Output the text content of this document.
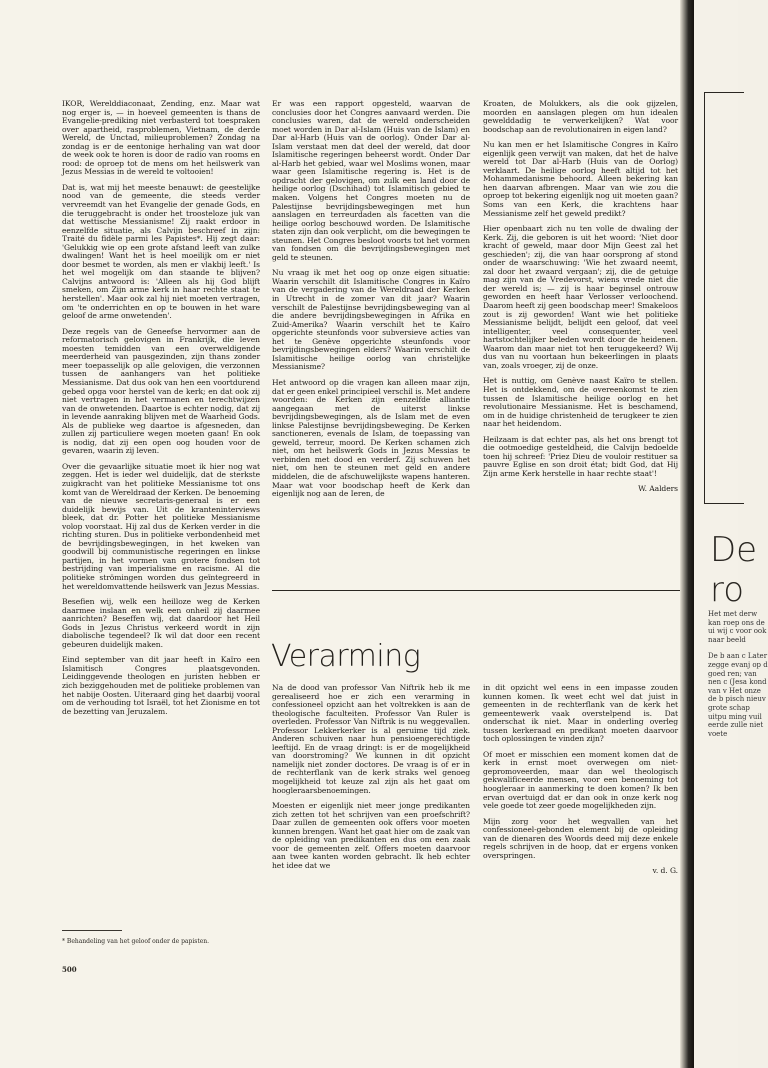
IKOR, Werelddiaconaat, Zending, enz. Maar wat nog erger is, — in hoeveel gemeenten is thans de Evangelie-prediking niet verbasterd tot toespraken over apartheid, rasproblemen, Vietnam, de derde Wereld, de Unctad, milieuproblemen? Zondag na zondag is er de eentonige herhaling van wat door de week ook te horen is door de radio van rooms en rood: de oproep tot de mens om het heilswerk van Jezus Messias in de wereld te voltooien!

Dat is, wat mij het meeste benauwt: de geestelijke nood van de gemeente, die steeds verder vervreemdt van het Evangelie der genade Gods, en die teruggebracht is onder het troosteloze juk van dat wettische Messianisme! Zij raakt erdoor in eenzelfde situatie, als Calvijn beschreef in zijn: Traité du fidèle parmi les Papistes*. Hij zegt daar: 'Gelukkig wie op een grote afstand leeft van zulke dwalingen! Want het is heel moeilijk om er niet door besmet te worden, als men er vlakbij leeft.' Is het wel mogelijk om dan staande te blijven? Calvijns antwoord is: 'Alleen als hij God blijft smeken, om Zijn arme kerk in haar rechte staat te herstellen'. Maar ook zal hij niet moeten vertragen, om 'te onderrichten en op te bouwen in het ware geloof de arme onwetenden'.

Deze regels van de Geneefse hervormer aan de reformatorisch gelovigen in Frankrijk, die leven moesten temidden van een overweldigende meerderheid van pausgezinden, zijn thans zonder meer toepasselijk op alle gelovigen, die verzonnen tussen de aanhangers van het politieke Messianisme. Dat dus ook van hen een voortdurend gebed opga voor herstel van de kerk; en dat ook zij niet vertragen in het vermanen en terechtwijzen van de onwetenden. Daartoe is echter nodig, dat zij in levende aanraking blijven met de Waarheid Gods. Als de publieke weg daartoe is afgesneden, dan zullen zij particuliere wegen moeten gaan! En ook is nodig, dat zij een open oog houden voor de gevaren, waarin zij leven.

Over die gevaarlijke situatie moet ik hier nog wat zeggen. Het is ieder wel duidelijk, dat de sterkste zuigkracht van het politieke Messianisme tot ons komt van de Wereldraad der Kerken. De benoeming van de nieuwe secretaris-generaal is er een duidelijk bewijs van. Uit de kranteninterviews bleek, dat dr. Potter het politieke Messianisme volop voorstaat. Hij zal dus de Kerken verder in die richting sturen. Dus in politieke verbondenheid met de bevrijdingsbewegingen, in het kweken van goodwill bij communistische regeringen en linkse partijen, in het vormen van grotere fondsen tot bestrijding van imperialisme en racisme. Al die politieke strömingen worden dus geïntegreerd in het wereldomvattende heilswerk van Jezus Messias.

Besefien wij, welk een heilloze weg de Kerken daarmee inslaan en welk een onheil zij daarmee aanrichten? Beseffen wij, dat daardoor het Heil Gods in Jezus Christus verkeerd wordt in zijn diabolische tegendeel? Ik wil dat door een recent gebeuren duidelijk maken.

Eind september van dit jaar heeft in Kaïro een Islamitisch Congres plaatsgevonden. Leidinggevende theologen en juristen hebben er zich beziggehouden met de politieke problemen van het nabije Oosten. Uiteraard ging het daarbij vooral om de verhouding tot Israël, tot het Zionisme en tot de bezetting van Jeruzalem.

Er was een rapport opgesteld, waarvan de conclusies door het Congres aanvaard werden. Die conclusies waren, dat de wereld onderscheiden moet worden in Dar al-Islam (Huis van de Islam) en Dar al-Harb (Huis van de oorlog). Onder Dar al-Islam verstaat men dat deel der wereld, dat door Islamitische regeringen beheerst wordt. Onder Dar al-Harb het gebied, waar wel Moslims wonen, maar waar geen Islamitische regering is. Het is de opdracht der gelovigen, om zulk een land door de heilige oorlog (Dschihad) tot Islamitisch gebied te maken. Volgens het Congres moeten nu de Palestijnse bevrijdingsbewegingen met hun aanslagen en terreurdaden als facetten van die heilige oorlog beschouwd worden. De Islamitische staten zijn dan ook verplicht, om die bewegingen te steunen. Het Congres besloot voorts tot het vormen van fondsen om die bevrijdingsbewegingen met geld te steunen.

Nu vraag ik met het oog op onze eigen situatie: Waarin verschilt dit Islamitische Congres in Kaïro van de vergadering van de Wereldraad der Kerken in Utrecht in de zomer van dit jaar? Waarin verschilt de Palestijnse bevrijdingsbeweging van al die andere bevrijdingsbewegingen in Afrika en Zuid-Amerika? Waarin verschilt het te Kaïro opgerichte steunfonds voor subversieve acties van het te Genève opgerichte steunfonds voor bevrijdingsbewegingen elders? Waarin verschilt de Islamitische heilige oorlog van christelijke Messianisme?

Het antwoord op die vragen kan alleen maar zijn, dat er geen enkel principieel verschil is. Met andere woorden: de Kerken zijn eenzelfde alliantie aangegaan met de uiterst linkse bevrijdingsbewegingen, als de Islam met de even linkse Palestijnse bevrijdingsbeweging. De Kerken sanctioneren, evenals de Islam, de toepassing van geweld, terreur, moord. De Kerken schamen zich niet, om het heilswerk Gods in Jezus Messias te verbinden met dood en verderf. Zij schuwen het niet, om hen te steunen met geld en andere middelen, die de afschuwelijkste wapens hanteren. Maar wat voor boodschap heeft de Kerk dan eigenlijk nog aan de Ieren, de

Kroaten, de Molukkers, als die ook gijzelen, moorden en aanslagen plegen om hun idealen gewelddadig te verwerkelijken? Wat voor boodschap aan de revolutionairen in eigen land?

Nu kan men er het Islamitische Congres in Kaïro eigenlijk geen verwijt van maken, dat het de halve wereld tot Dar al-Harb (Huis van de Oorlog) verklaart. De heilige oorlog heeft altijd tot het Mohammedanisme behoord. Alleen bekering kan hen daarvan afbrengen. Maar van wie zou die oproep tot bekering eigenlijk nog uit moeten gaan? Soms van een Kerk, die krachtens haar Messianisme zelf het geweld predikt?

Hier openbaart zich nu ten volle de dwaling der Kerk. Zij, die geboren is uit het woord: 'Niet door kracht of geweld, maar door Mijn Geest zal het geschieden'; zij, die van haar oorsprong af stond onder de waarschuwing: 'Wie het zwaard neemt, zal door het zwaard vergaan'; zij, die de getuige mag zijn van de Vredevorst, wiens vrede niet die der wereld is; — zij is haar beginsel ontrouw geworden en heeft haar Verlosser verloochend. Daarom heeft zij geen boodschap meer! Smakeloos zout is zij geworden! Want wie het politieke Messianisme belijdt, belijdt een geloof, dat veel intelligenter, veel consequenter, veel hartstochtelijker beleden wordt door de heidenen. Waarom dan maar niet tot hen teruggekeerd? Wij dus van nu voortaan hun bekeerlingen in plaats van, zoals vroeger, zij de onze.

Het is nuttig, om Genève naast Kaïro te stellen. Het is ontdekkend, om de overeenkomst te zien tussen de Islamitische heilige oorlog en het revolutionaire Messianisme. Het is beschamend, om in de huidige christenheid de terugkeer te zien naar het heidendom.

Heilzaam is dat echter pas, als het ons brengt tot die ootmoedige gesteldheid, die Calvijn bedoelde toen hij schreef: 'Priez Dieu de vouloir restituer sa pauvre Eglise en son droit état; bidt God, dat Hij Zijn arme Kerk herstelle in haar rechte staat'!

W. Aalders
Verarming

Na de dood van professor Van Niftrik heb ik me gerealiseerd hoe er zich een verarming in confessioneel opzicht aan het voltrekken is aan de theologische faculteiten. Professor Van Ruler is overleden. Professor Van Niftrik is nu weggevallen. Professor Lekkerkerker is al geruime tijd ziek. Anderen schuiven naar hun pensioengerechtigde leeftijd. En de vraag dringt: is er de mogelijkheid van doorstroming? We kunnen in dit opzicht namelijk niet zonder doctores. De vraag is of er in de rechterflank van de kerk straks wel genoeg mogelijkheid tot keuze zal zijn als het gaat om hoogleraarsbenoemingen.

Moesten er eigenlijk niet meer jonge predikanten zich zetten tot het schrijven van een proefschrift? Daar zullen de gemeenten ook offers voor moeten kunnen brengen. Want het gaat hier om de zaak van de opleiding van predikanten en dus om een zaak voor de gemeenten zelf. Offers moeten daarvoor aan twee kanten worden gebracht. Ik heb echter het idee dat we

in dit opzicht wel eens in een impasse zouden kunnen komen. Ik weet echt wel dat juist in gemeenten in de rechterflank van de kerk het gemeentewerk vaak overstelpend is. Dat onderschat ik niet. Maar in onderling overleg tussen kerkeraad en predikant moeten daarvoor toch oplossingen te vinden zijn?

Of moet er misschien een moment komen dat de kerk in ernst moet overwegen om niet-gepromoveerden, maar dan wel theologisch gekwalificeerde mensen, voor een benoeming tot hoogleraar in aanmerking te doen komen? Ik ben ervan overtuigd dat er dan ook in onze kerk nog vele goede tot zeer goede mogelijkheden zijn.

Mijn zorg voor het wegvallen van het confessioneel-gebonden element bij de opleiding van de dienaren des Woords deed mij deze enkele regels schrijven in de hoop, dat er ergens vonken overspringen.

v. d. G.
* Behandeling van het geloof onder de papisten.
500
De
ro

Het met derw kan roep ons de ui wij c voor ook naar beeld

De b aan c Later zegge evanj op d goed ren; van nen c (Jesa kond van v Het onze de b pisch nieuv grote schap uitpu ming vuil eerde zulle niet voete
